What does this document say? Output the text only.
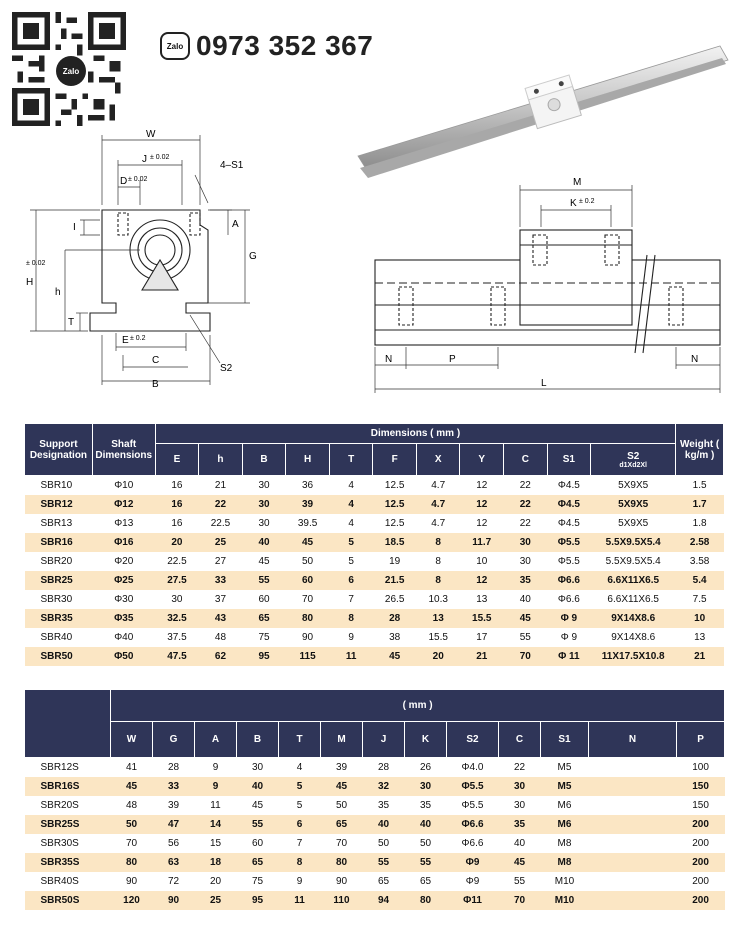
Zalo
Zalo 0973 352 367
W
J ± 0.02
D ± 0.02
4–S1
I	A
G
H
± 0.02
h
T
E ± 0.2
C
S2
B
M
K ± 0.2
N	P	N
L
Support Designation	Shaft Dimensions	Dimensions ( mm )											Weight ( kg/m )
		E	h	B	H	T	F	X	Y	C	S1	S2
d1Xd2Xl	

SBR10	Φ10	16	21	30	36	4	12.5	4.7	12	22	Φ4.5	5X9X5	1.5
SBR12	Φ12	16	22	30	39	4	12.5	4.7	12	22	Φ4.5	5X9X5	1.7
SBR13	Φ13	16	22.5	30	39.5	4	12.5	4.7	12	22	Φ4.5	5X9X5	1.8
SBR16	Φ16	20	25	40	45	5	18.5	8	11.7	30	Φ5.5	5.5X9.5X5.4	2.58
SBR20	Φ20	22.5	27	45	50	5	19	8	10	30	Φ5.5	5.5X9.5X5.4	3.58
SBR25	Φ25	27.5	33	55	60	6	21.5	8	12	35	Φ6.6	6.6X11X6.5	5.4
SBR30	Φ30	30	37	60	70	7	26.5	10.3	13	40	Φ6.6	6.6X11X6.5	7.5
SBR35	Φ35	32.5	43	65	80	8	28	13	15.5	45	Φ 9	9X14X8.6	10
SBR40	Φ40	37.5	48	75	90	9	38	15.5	17	55	Φ 9	9X14X8.6	13
SBR50	Φ50	47.5	62	95	115	11	45	20	21	70	Φ 11	11X17.5X10.8	21
	( mm )												
	W	G	A	B	T	M	J	K	S2	C	S1	N	P
SBR12S	41	28	9	30	4	39	28	26	Φ4.0	22	M5		100
SBR16S	45	33	9	40	5	45	32	30	Φ5.5	30	M5		150
SBR20S	48	39	11	45	5	50	35	35	Φ5.5	30	M6		150
SBR25S	50	47	14	55	6	65	40	40	Φ6.6	35	M6		200
SBR30S	70	56	15	60	7	70	50	50	Φ6.6	40	M8		200
SBR35S	80	63	18	65	8	80	55	55	Φ9	45	M8		200
SBR40S	90	72	20	75	9	90	65	65	Φ9	55	M10		200
SBR50S	120	90	25	95	11	110	94	80	Φ11	70	M10		200
